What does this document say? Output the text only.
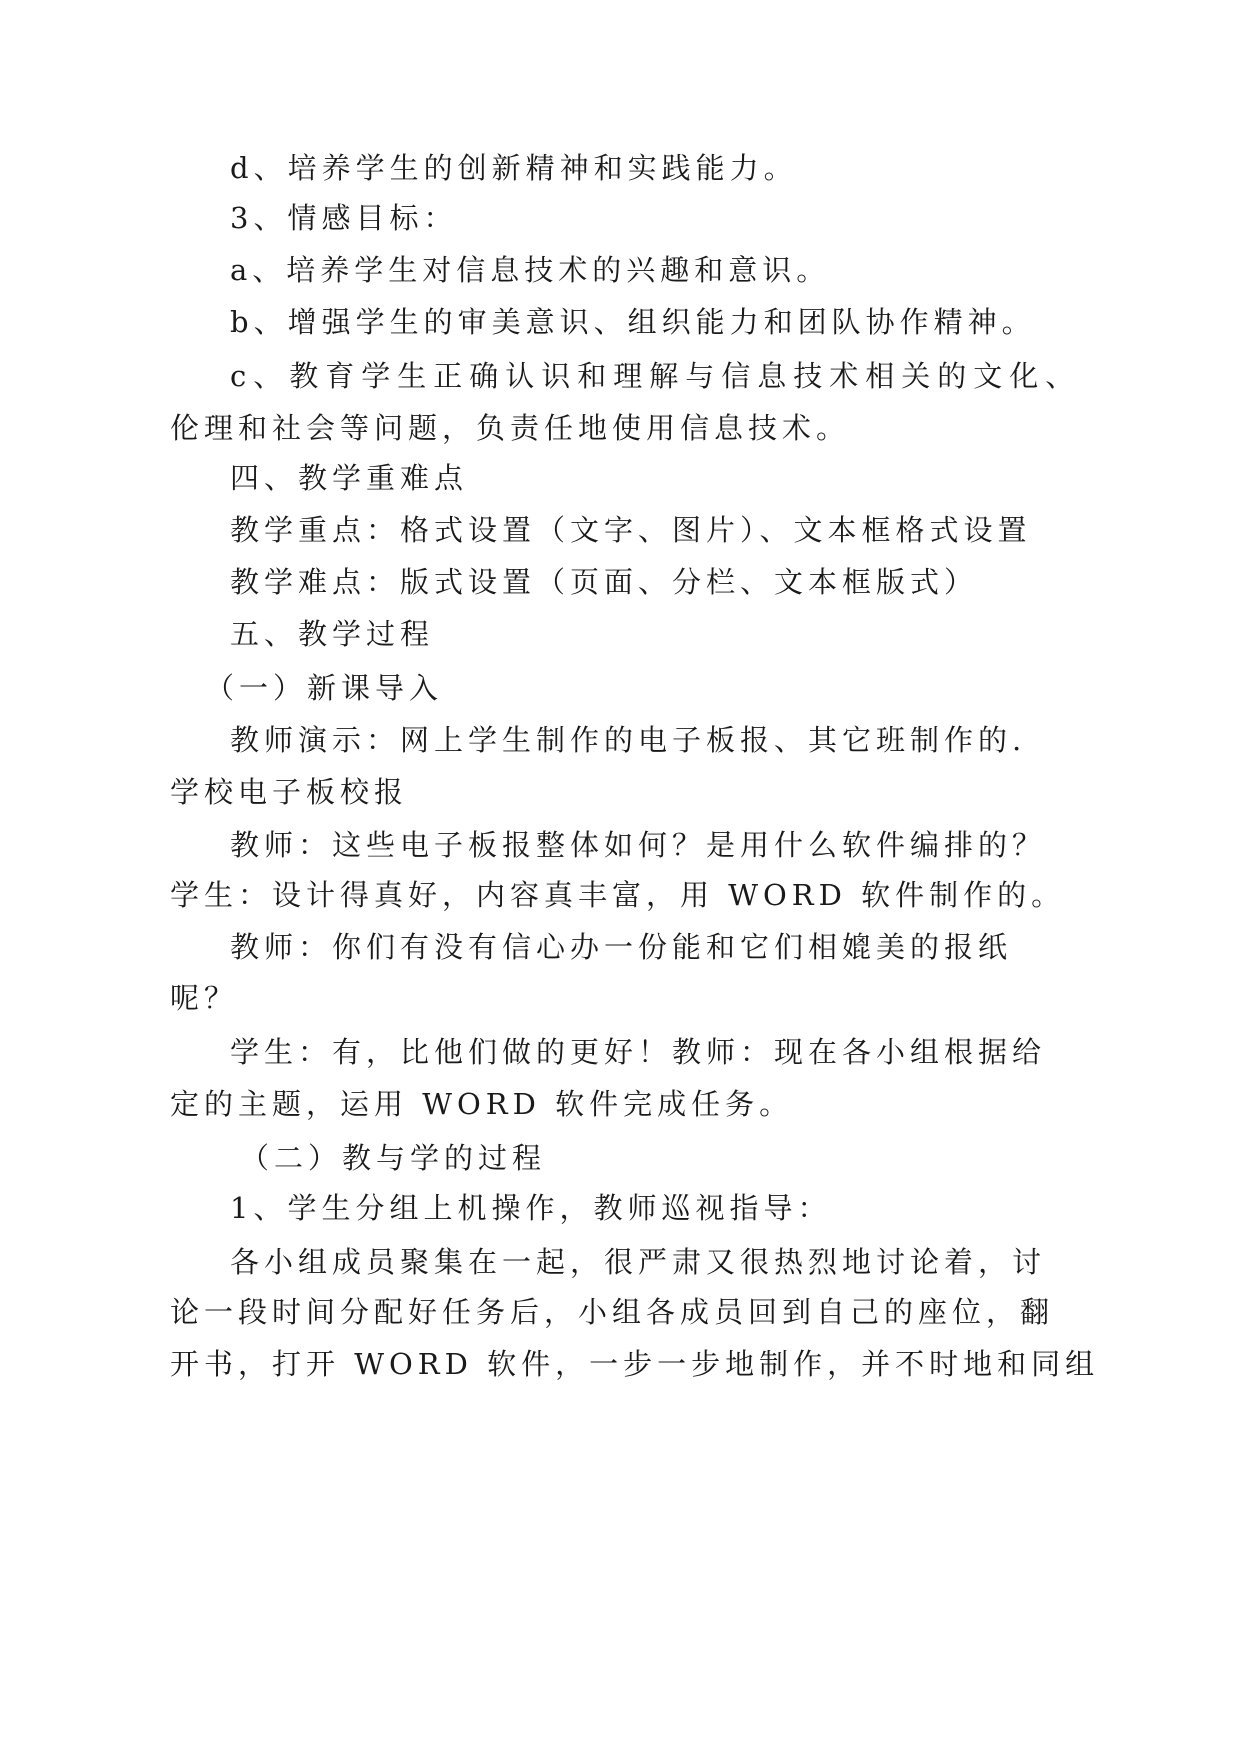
d、培养学生的创新精神和实践能力。
3、情感目标：
a、培养学生对信息技术的兴趣和意识。
b、增强学生的审美意识、组织能力和团队协作精神。
c、教育学生正确认识和理解与信息技术相关的文化、
伦理和社会等问题，负责任地使用信息技术。
四、教学重难点
教学重点：格式设置（文字、图片）、文本框格式设置
教学难点：版式设置（页面、分栏、文本框版式）
五、教学过程
（一）新课导入
教师演示：网上学生制作的电子板报、其它班制作的.
学校电子板校报
教师：这些电子板报整体如何？是用什么软件编排的？
学生：设计得真好，内容真丰富，用 WORD 软件制作的。
教师：你们有没有信心办一份能和它们相媲美的报纸
呢？
学生：有，比他们做的更好！教师：现在各小组根据给
定的主题，运用 WORD 软件完成任务。
（二）教与学的过程
1、学生分组上机操作，教师巡视指导：
各小组成员聚集在一起，很严肃又很热烈地讨论着，讨
论一段时间分配好任务后，小组各成员回到自己的座位，翻
开书，打开 WORD 软件，一步一步地制作，并不时地和同组
